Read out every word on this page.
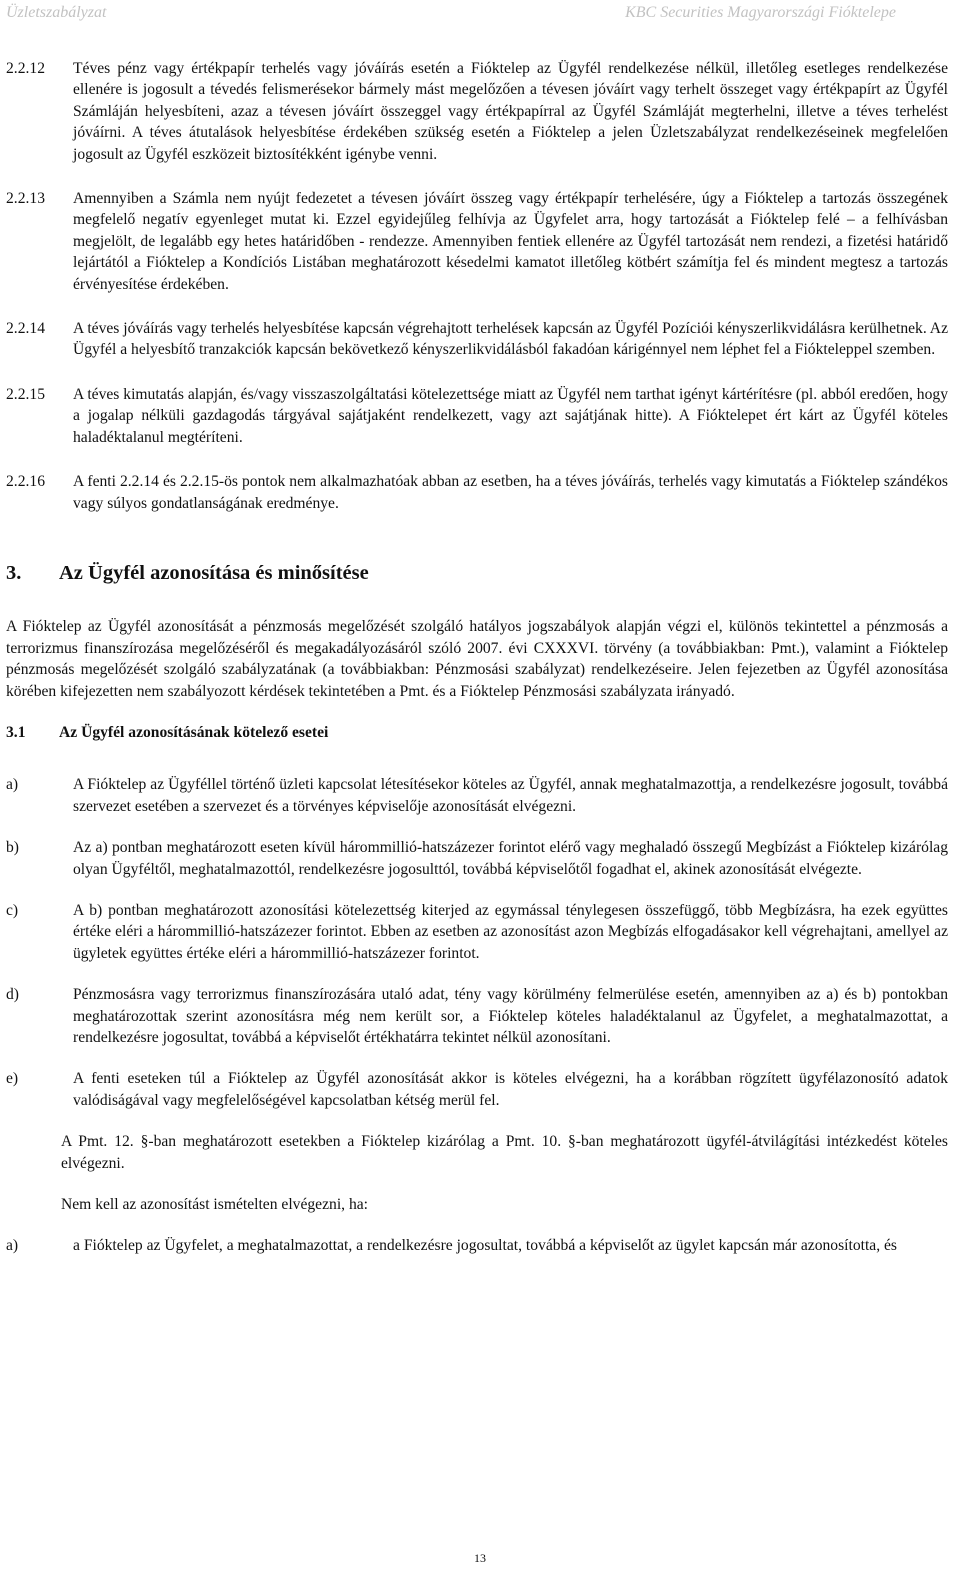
Üzletszabályzat	KBC Securities Magyarországi Fióktelepe
2.2.12	Téves pénz vagy értékpapír terhelés vagy jóváírás esetén a Fióktelep az Ügyfél rendelkezése nélkül, illetőleg esetleges rendelkezése ellenére is jogosult a tévedés felismerésekor bármely mást megelőzően a tévesen jóváírt vagy terhelt összeget vagy értékpapírt az Ügyfél Számláján helyesbíteni, azaz a tévesen jóváírt összeggel vagy értékpapírral az Ügyfél Számláját megterhelni, illetve a téves terhelést jóváírni. A téves átutalások helyesbítése érdekében szükség esetén a Fióktelep a jelen Üzletszabályzat rendelkezéseinek megfelelően jogosult az Ügyfél eszközeit biztosítékként igénybe venni.
2.2.13	Amennyiben a Számla nem nyújt fedezetet a tévesen jóváírt összeg vagy értékpapír terhelésére, úgy a Fióktelep a tartozás összegének megfelelő negatív egyenleget mutat ki. Ezzel egyidejűleg felhívja az Ügyfelet arra, hogy tartozását a Fióktelep felé – a felhívásban megjelölt, de legalább egy hetes határidőben - rendezze. Amennyiben fentiek ellenére az Ügyfél tartozását nem rendezi, a fizetési határidő lejártától a Fióktelep a Kondíciós Listában meghatározott késedelmi kamatot illetőleg kötbért számítja fel és mindent megtesz a tartozás érvényesítése érdekében.
2.2.14	A téves jóváírás vagy terhelés helyesbítése kapcsán végrehajtott terhelések kapcsán az Ügyfél Pozíciói kényszerlikvidálásra kerülhetnek. Az Ügyfél a helyesbítő tranzakciók kapcsán bekövetkező kényszerlikvidálásból fakadóan kárigénnyel nem léphet fel a Fiókteleppel szemben.
2.2.15	A téves kimutatás alapján, és/vagy visszaszolgáltatási kötelezettsége miatt az Ügyfél nem tarthat igényt kártérítésre (pl. abból eredően, hogy a jogalap nélküli gazdagodás tárgyával sajátjaként rendelkezett, vagy azt sajátjának hitte). A Fióktelepet ért kárt az Ügyfél köteles haladéktalanul megtéríteni.
2.2.16	A fenti 2.2.14 és 2.2.15-ös pontok nem alkalmazhatóak abban az esetben, ha a téves jóváírás, terhelés vagy kimutatás a Fióktelep szándékos vagy súlyos gondatlanságának eredménye.
3.	Az Ügyfél azonosítása és minősítése
A Fióktelep az Ügyfél azonosítását a pénzmosás megelőzését szolgáló hatályos jogszabályok alapján végzi el, különös tekintettel a pénzmosás a terrorizmus finanszírozása megelőzéséről és megakadályozásáról szóló 2007. évi CXXXVI. törvény (a továbbiakban: Pmt.), valamint a Fióktelep pénzmosás megelőzését szolgáló szabályzatának (a továbbiakban: Pénzmosási szabályzat) rendelkezéseire. Jelen fejezetben az Ügyfél azonosítása körében kifejezetten nem szabályozott kérdések tekintetében a Pmt. és a Fióktelep Pénzmosási szabályzata irányadó.
3.1	Az Ügyfél azonosításának kötelező esetei
a)	A Fióktelep az Ügyféllel történő üzleti kapcsolat létesítésekor köteles az Ügyfél, annak meghatalmazottja, a rendelkezésre jogosult, továbbá szervezet esetében a szervezet és a törvényes képviselője azonosítását elvégezni.
b)	Az a) pontban meghatározott eseten kívül hárommillió-hatszázezer forintot elérő vagy meghaladó összegű Megbízást a Fióktelep kizárólag olyan Ügyféltől, meghatalmazottól, rendelkezésre jogosulttól, továbbá képviselőtől fogadhat el, akinek azonosítását elvégezte.
c)	A b) pontban meghatározott azonosítási kötelezettség kiterjed az egymással ténylegesen összefüggő, több Megbízásra, ha ezek együttes értéke eléri a hárommillió-hatszázezer forintot. Ebben az esetben az azonosítást azon Megbízás elfogadásakor kell végrehajtani, amellyel az ügyletek együttes értéke eléri a hárommillió-hatszázezer forintot.
d)	Pénzmosásra vagy terrorizmus finanszírozására utaló adat, tény vagy körülmény felmerülése esetén, amennyiben az a) és b) pontokban meghatározottak szerint azonosításra még nem került sor, a Fióktelep köteles haladéktalanul az Ügyfelet, a meghatalmazottat, a rendelkezésre jogosultat, továbbá a képviselőt értékhatárra tekintet nélkül azonosítani.
e)	A fenti eseteken túl a Fióktelep az Ügyfél azonosítását akkor is köteles elvégezni, ha a korábban rögzített ügyfélazonosító adatok valódiságával vagy megfelelőségével kapcsolatban kétség merül fel.
A Pmt. 12. §-ban meghatározott esetekben a Fióktelep kizárólag a Pmt. 10. §-ban meghatározott ügyfél-átvilágítási intézkedést köteles elvégezni.
Nem kell az azonosítást ismételten elvégezni, ha:
a)	a Fióktelep az Ügyfelet, a meghatalmazottat, a rendelkezésre jogosultat, továbbá a képviselőt az ügylet kapcsán már azonosította, és
13
